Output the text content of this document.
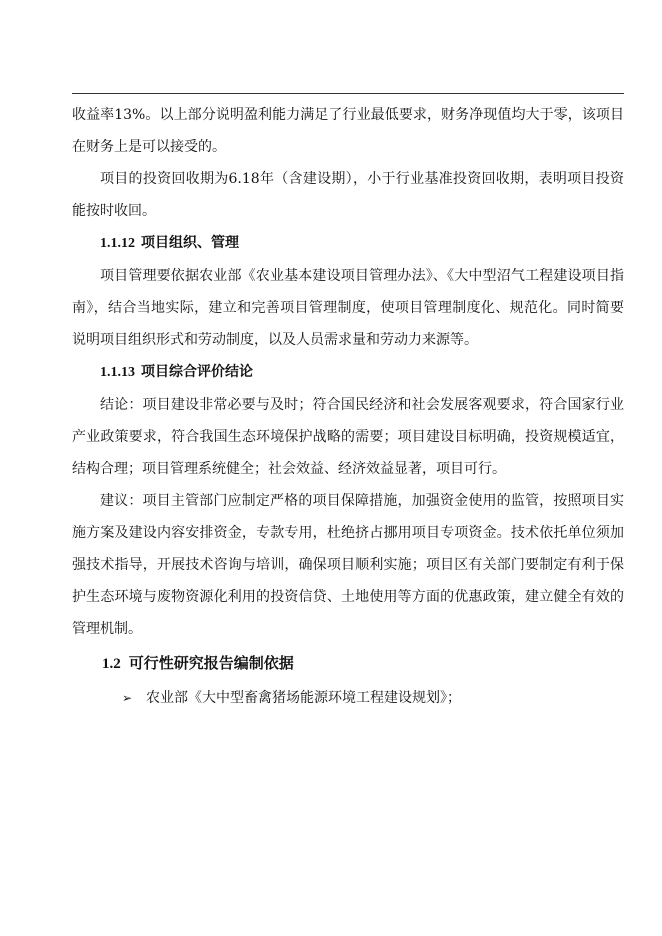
收益率13%。以上部分说明盈利能力满足了行业最低要求，财务净现值均大于零，该项目在财务上是可以接受的。

项目的投资回收期为6.18年（含建设期），小于行业基准投资回收期，表明项目投资能按时收回。

1.1.12 项目组织、管理

项目管理要依据农业部《农业基本建设项目管理办法》、《大中型沼气工程建设项目指南》，结合当地实际，建立和完善项目管理制度，使项目管理制度化、规范化。同时简要说明项目组织形式和劳动制度，以及人员需求量和劳动力来源等。

1.1.13 项目综合评价结论

结论：项目建设非常必要与及时；符合国民经济和社会发展客观要求，符合国家行业产业政策要求，符合我国生态环境保护战略的需要；项目建设目标明确，投资规模适宜，结构合理；项目管理系统健全；社会效益、经济效益显著，项目可行。

建议：项目主管部门应制定严格的项目保障措施，加强资金使用的监管，按照项目实施方案及建设内容安排资金，专款专用，杜绝挤占挪用项目专项资金。技术依托单位须加强技术指导，开展技术咨询与培训，确保项目顺利实施；项目区有关部门要制定有利于保护生态环境与废物资源化利用的投资信贷、土地使用等方面的优惠政策，建立健全有效的管理机制。

1.2 可行性研究报告编制依据
➢ 农业部《大中型畜禽猪场能源环境工程建设规划》；
